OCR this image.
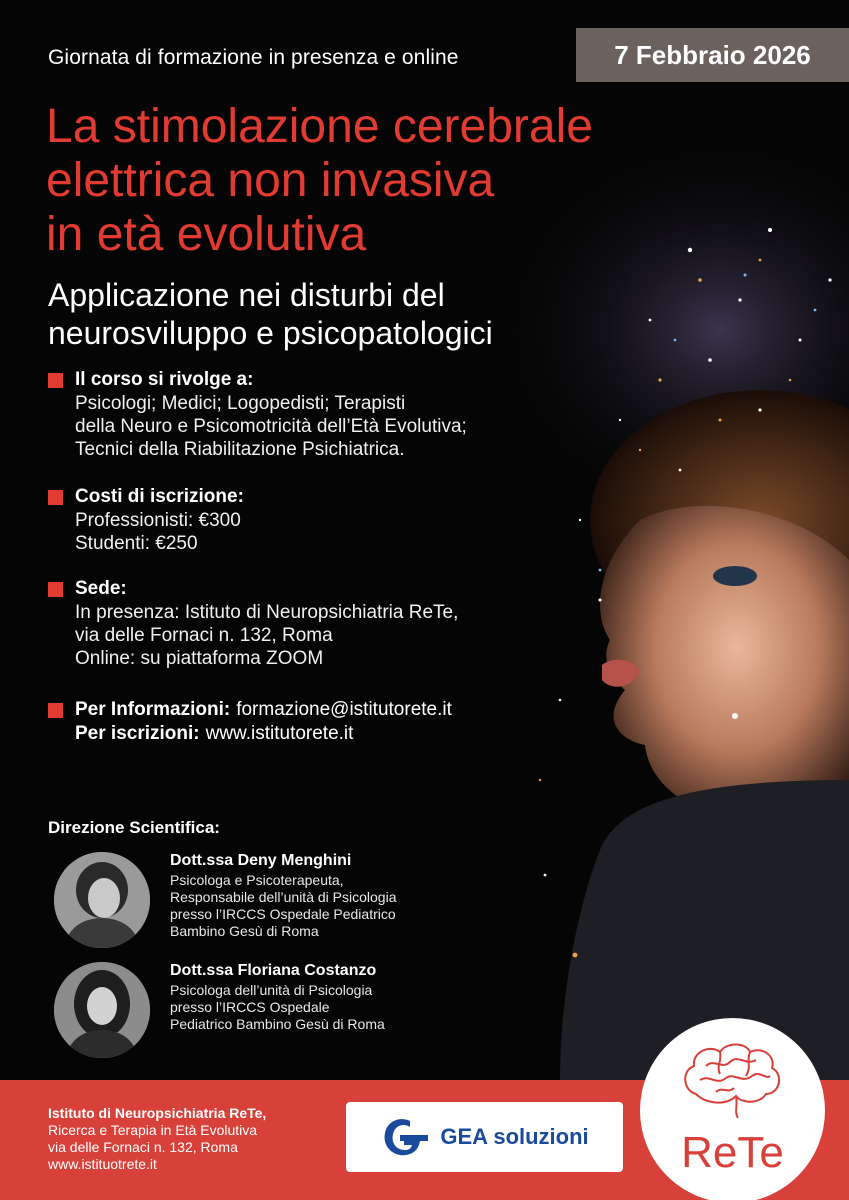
Giornata di formazione in presenza e online	7 Febbraio 2026
La stimolazione cerebrale
elettrica non invasiva
in età evolutiva
Applicazione nei disturbi del
neurosviluppo e psicopatologici
Il corso si rivolge a:
Psicologi; Medici; Logopedisti; Terapisti
della Neuro e Psicomotricità dell’Età Evolutiva;
Tecnici della Riabilitazione Psichiatrica.
Costi di iscrizione:
Professionisti: €300
Studenti: €250
Sede:
In presenza: Istituto di Neuropsichiatria ReTe,
via delle Fornaci n. 132, Roma
Online: su piattaforma ZOOM
Per Informazioni: formazione@istitutorete.it
Per iscrizioni: www.istitutorete.it
Direzione Scientifica:
Dott.ssa Deny Menghini
Psicologa e Psicoterapeuta,
Responsabile dell’unità di Psicologia
presso l’IRCCS Ospedale Pediatrico
Bambino Gesù di Roma
Dott.ssa Floriana Costanzo
Psicologa dell’unità di Psicologia
presso l’IRCCS Ospedale
Pediatrico Bambino Gesù di Roma
Istituto di Neuropsichiatria ReTe,
Ricerca e Terapia in Età Evolutiva
via delle Fornaci n. 132, Roma
www.istituotrete.it
GEA soluzioni	ReTe
